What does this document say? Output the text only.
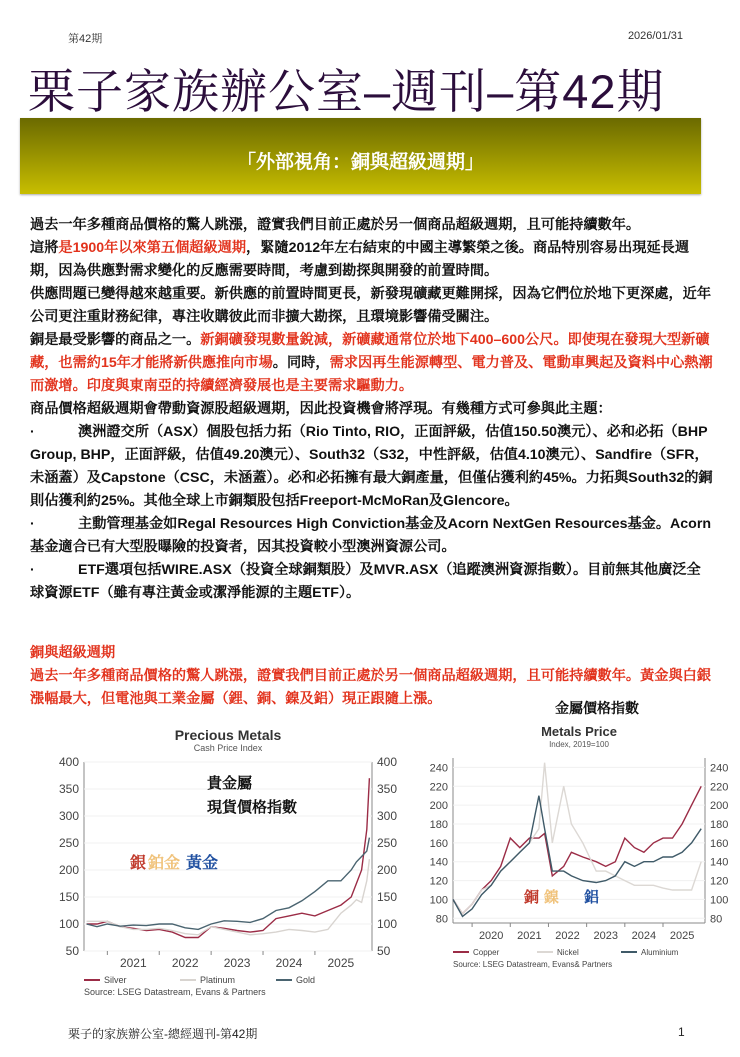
第42期	2026/01/31
栗子家族辦公室–週刊–第42期
「外部視角：銅與超級週期」

過去一年多種商品價格的驚人跳漲，證實我們目前正處於另一個商品超級週期，且可能持續數年。

這將是1900年以來第五個超級週期，緊隨2012年左右結束的中國主導繁榮之後。商品特別容易出現延長週期，因為供應對需求變化的反應需要時間，考慮到勘探與開發的前置時間。

供應問題已變得越來越重要。新供應的前置時間更長，新發現礦藏更難開採，因為它們位於地下更深處，近年公司更注重財務紀律，專注收購彼此而非擴大勘探，且環境影響備受關注。

銅是最受影響的商品之一。新銅礦發現數量銳減，新礦藏通常位於地下400–600公尺。即使現在發現大型新礦藏，也需約15年才能將新供應推向市場。同時，需求因再生能源轉型、電力普及、電動車興起及資料中心熱潮而激增。印度與東南亞的持續經濟發展也是主要需求驅動力。

商品價格超級週期會帶動資源股超級週期，因此投資機會將浮現。有幾種方式可參與此主題：

·	澳洲證交所（ASX）個股包括力拓（Rio Tinto, RIO，正面評級，估值150.50澳元）、必和必拓（BHP Group, BHP，正面評級，估值49.20澳元）、South32（S32，中性評級，估值4.10澳元）、Sandfire（SFR，未涵蓋）及Capstone（CSC，未涵蓋）。必和必拓擁有最大銅產量，但僅佔獲利約45%。力拓與South32的銅則佔獲利約25%。其他全球上市銅類股包括Freeport-McMoRan及Glencore。

·	主動管理基金如Regal Resources High Conviction基金及Acorn NextGen Resources基金。Acorn基金適合已有大型股曝險的投資者，因其投資較小型澳洲資源公司。

·	ETF選項包括WIRE.ASX（投資全球銅類股）及MVR.ASX（追蹤澳洲資源指數）。目前無其他廣泛全球資源ETF（雖有專注黃金或潔淨能源的主題ETF）。

銅與超級週期

過去一年多種商品價格的驚人跳漲，證實我們目前正處於另一個商品超級週期，且可能持續數年。黃金與白銀漲幅最大，但電池與工業金屬（鋰、銅、鎳及鋁）現正跟隨上漲。

金屬價格指數
Precious Metals
Cash Price Index
50	50
100	100
150	150
200	200
250	250
300	300
350	350
400	400
2021 2022 2023 2024 2025
Silver	Platinum	Gold
Source: LSEG Datastream, Evans & Partners
貴金屬
現貨價格指數
銀 鉑金 黃金
Metals Price
Index, 2019=100
80	80
100	100
120	120
140	140
160	160
180	180
200	200
220	220
240	240
2020 2021 2022 2023 2024 2025
Copper	Nickel	Aluminium
Source: LSEG Datastream, Evans& Partners
銅 鎳 鋁
栗子的家族辦公室-總經週刊-第42期	1
